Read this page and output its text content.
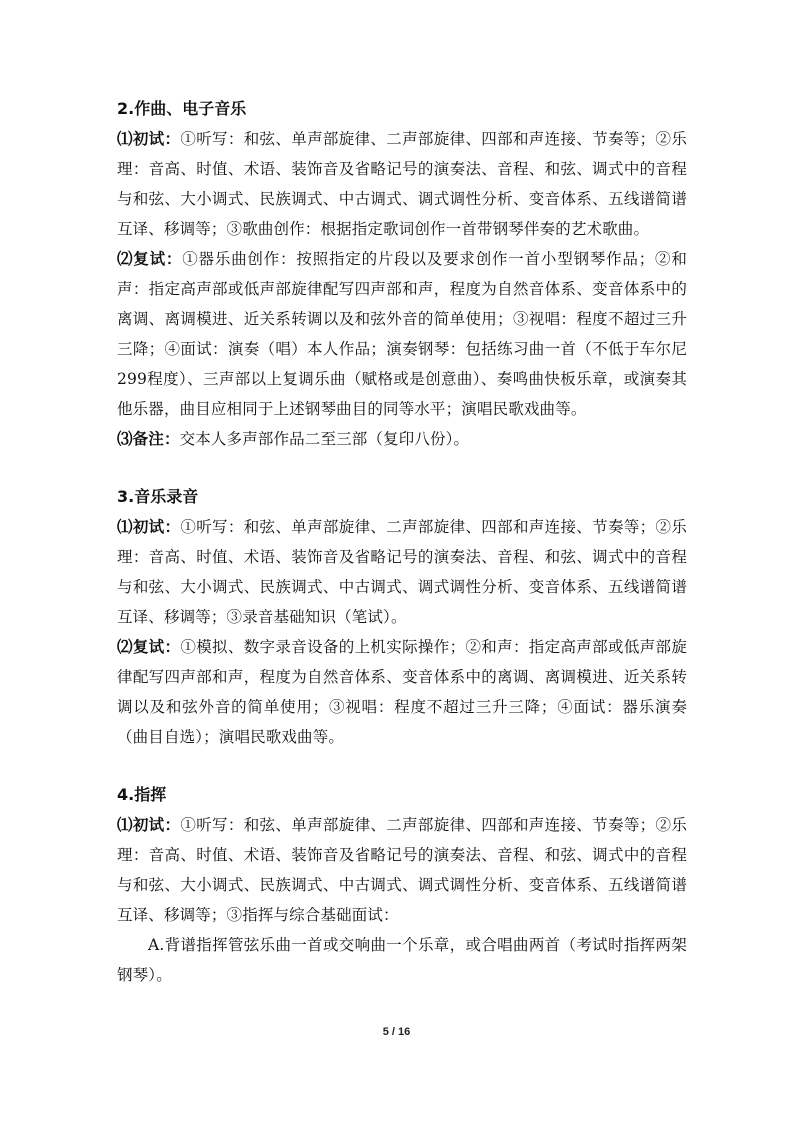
2.作曲、电子音乐

⑴初试：①听写：和弦、单声部旋律、二声部旋律、四部和声连接、节奏等；②乐理：音高、时值、术语、装饰音及省略记号的演奏法、音程、和弦、调式中的音程与和弦、大小调式、民族调式、中古调式、调式调性分析、变音体系、五线谱简谱互译、移调等；③歌曲创作：根据指定歌词创作一首带钢琴伴奏的艺术歌曲。

⑵复试：①器乐曲创作：按照指定的片段以及要求创作一首小型钢琴作品；②和声：指定高声部或低声部旋律配写四声部和声，程度为自然音体系、变音体系中的离调、离调模进、近关系转调以及和弦外音的简单使用；③视唱：程度不超过三升三降；④面试：演奏（唱）本人作品；演奏钢琴：包括练习曲一首（不低于车尔尼299程度）、三声部以上复调乐曲（赋格或是创意曲）、奏鸣曲快板乐章，或演奏其他乐器，曲目应相同于上述钢琴曲目的同等水平；演唱民歌戏曲等。

⑶备注：交本人多声部作品二至三部（复印八份）。

3.音乐录音

⑴初试：①听写：和弦、单声部旋律、二声部旋律、四部和声连接、节奏等；②乐理：音高、时值、术语、装饰音及省略记号的演奏法、音程、和弦、调式中的音程与和弦、大小调式、民族调式、中古调式、调式调性分析、变音体系、五线谱简谱互译、移调等；③录音基础知识（笔试）。

⑵复试：①模拟、数字录音设备的上机实际操作；②和声：指定高声部或低声部旋律配写四声部和声，程度为自然音体系、变音体系中的离调、离调模进、近关系转调以及和弦外音的简单使用；③视唱：程度不超过三升三降；④面试：器乐演奏（曲目自选）；演唱民歌戏曲等。

4.指挥

⑴初试：①听写：和弦、单声部旋律、二声部旋律、四部和声连接、节奏等；②乐理：音高、时值、术语、装饰音及省略记号的演奏法、音程、和弦、调式中的音程与和弦、大小调式、民族调式、中古调式、调式调性分析、变音体系、五线谱简谱互译、移调等；③指挥与综合基础面试：

A.背谱指挥管弦乐曲一首或交响曲一个乐章，或合唱曲两首（考试时指挥两架钢琴）。

5 / 16
